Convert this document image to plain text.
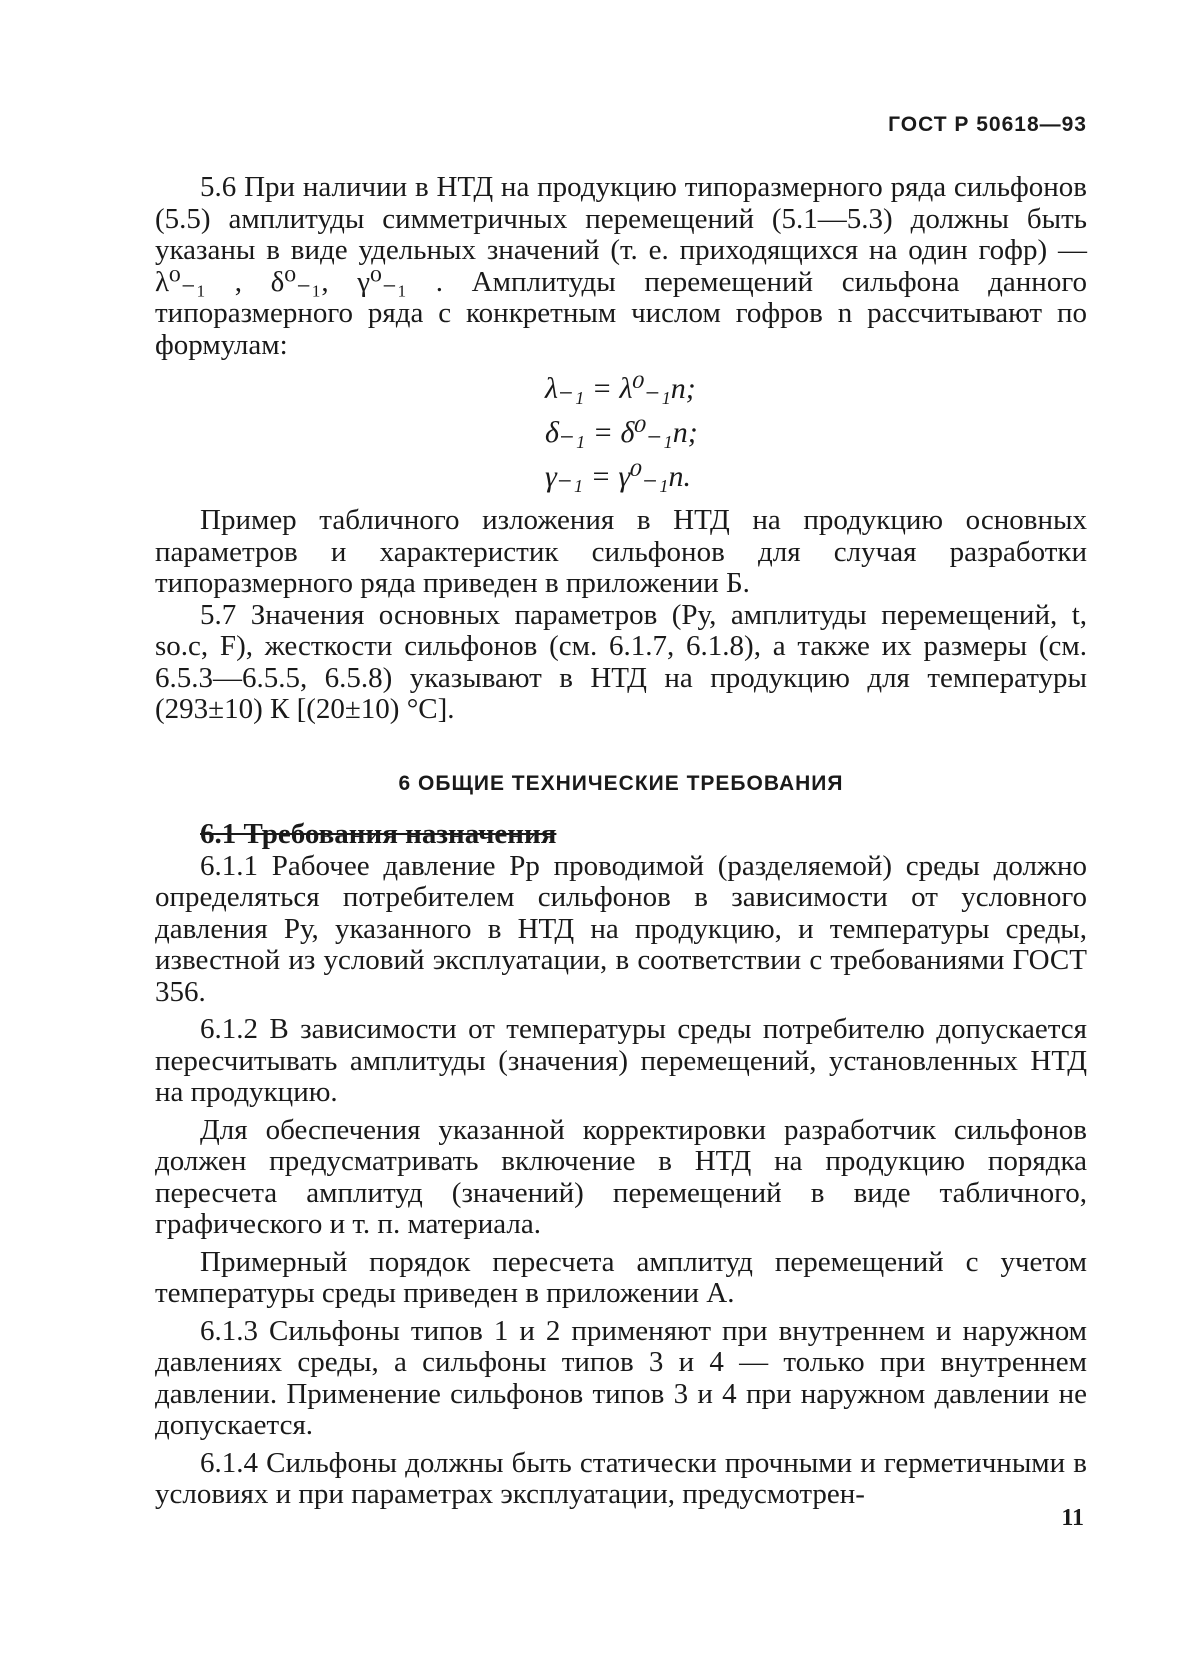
ГОСТ Р 50618—93

5.6 При наличии в НТД на продукцию типоразмерного ряда сильфонов (5.5) амплитуды симметричных перемещений (5.1—5.3) должны быть указаны в виде удельных значений (т. е. приходящихся на один гофр) — λ⁰₋₁ , δ⁰₋₁, γ⁰₋₁ . Амплитуды перемещений сильфона данного типоразмерного ряда с конкретным числом гофров n рассчитывают по формулам:

λ₋₁ = λ⁰₋₁n;
δ₋₁ = δ⁰₋₁n;
γ₋₁ = γ⁰₋₁n.

Пример табличного изложения в НТД на продукцию основных параметров и характеристик сильфонов для случая разработки типоразмерного ряда приведен в приложении Б.

5.7 Значения основных параметров (Pу, амплитуды перемещений, t, sо.с, F), жесткости сильфонов (см. 6.1.7, 6.1.8), а также их размеры (см. 6.5.3—6.5.5, 6.5.8) указывают в НТД на продукцию для температуры (293±10) К [(20±10) °С].

6 ОБЩИЕ ТЕХНИЧЕСКИЕ ТРЕБОВАНИЯ

6.1 Требования назначения

6.1.1 Рабочее давление Pр проводимой (разделяемой) среды должно определяться потребителем сильфонов в зависимости от условного давления Pу, указанного в НТД на продукцию, и температуры среды, известной из условий эксплуатации, в соответствии с требованиями ГОСТ 356.

6.1.2 В зависимости от температуры среды потребителю допускается пересчитывать амплитуды (значения) перемещений, установленных НТД на продукцию.

Для обеспечения указанной корректировки разработчик сильфонов должен предусматривать включение в НТД на продукцию порядка пересчета амплитуд (значений) перемещений в виде табличного, графического и т. п. материала.

Примерный порядок пересчета амплитуд перемещений с учетом температуры среды приведен в приложении А.

6.1.3 Сильфоны типов 1 и 2 применяют при внутреннем и наружном давлениях среды, а сильфоны типов 3 и 4 — только при внутреннем давлении. Применение сильфонов типов 3 и 4 при наружном давлении не допускается.

6.1.4 Сильфоны должны быть статически прочными и герметичными в условиях и при параметрах эксплуатации, предусмотрен-

11
